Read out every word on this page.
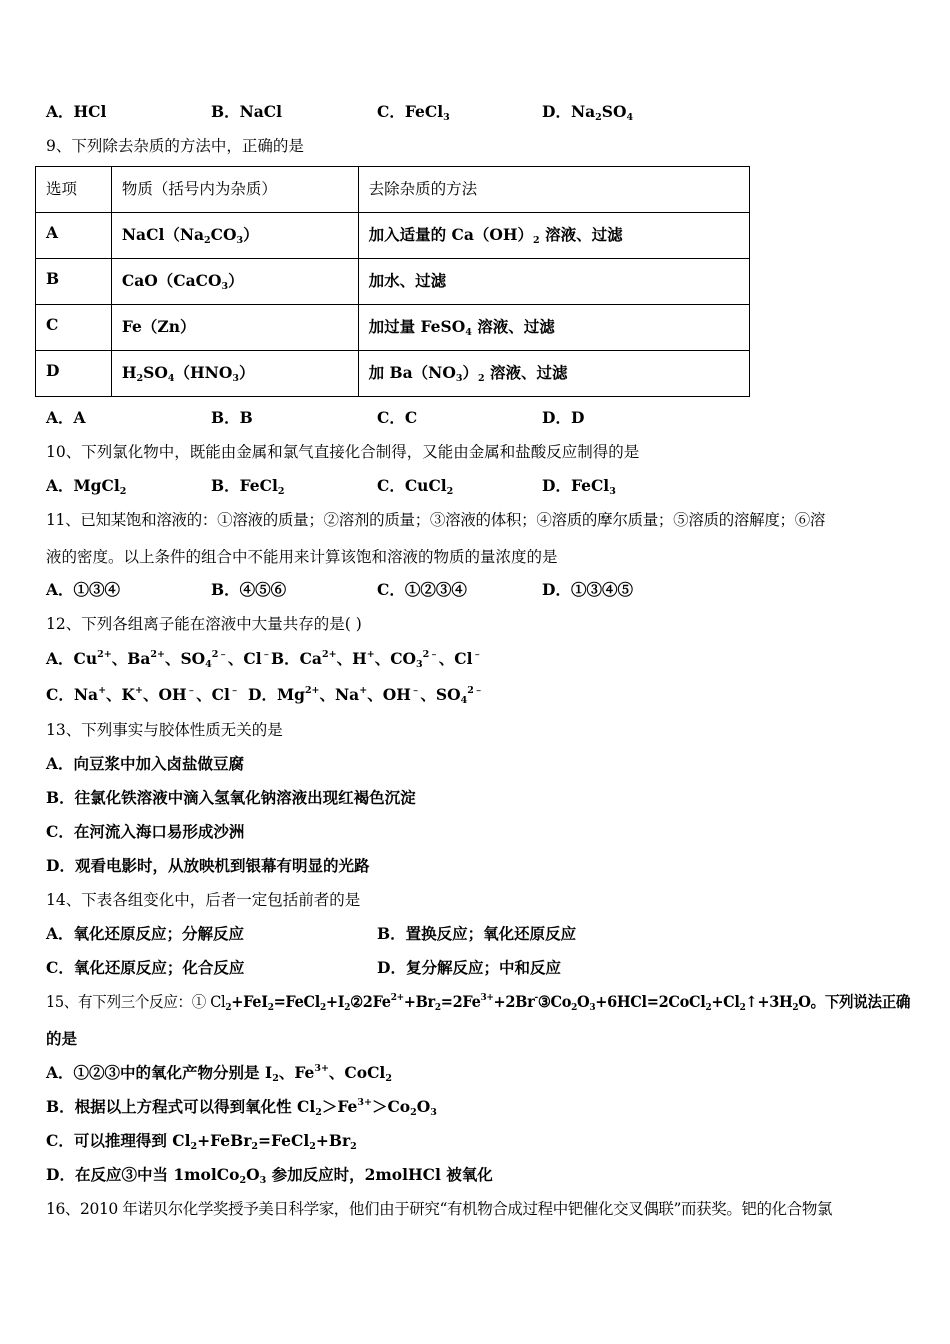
A．HCl	B．NaCl	C．FeCl$_3$	D．$Na_2SO_4$
9、下列除去杂质的方法中，正确的是
选项	物质（括号内为杂质）	去除杂质的方法
A	$NaCl(Na_2CO_3)$	加入适量的 $Ca(OH)_2$ 溶液、过滤
B	CaO（CaCO$_3$）	加水、过滤
C	Fe（Zn）	加过量 FeSO$_4$ 溶液、过滤
D	$H_2SO_4(HNO_3)$	加 $Ba(NO_3)_2$ 溶液、过滤
A．A	B．B	C．C	D．D
10、下列氯化物中，既能由金属和氯气直接化合制得，又能由金属和盐酸反应制得的是
A．MgCl$_2$	B．FeCl$_2$	C．CuCl$_2$	D．FeCl$_3$
11、已知某饱和溶液的：①溶液的质量；②溶剂的质量；③溶液的体积；④溶质的摩尔质量；⑤溶质的溶解度；⑥溶
液的密度。以上条件的组合中不能用来计算该饱和溶液的物质的量浓度的是
A．①③④	B．④⑤⑥	C．①②③④	D．①③④⑤
12、下列各组离子能在溶液中大量共存的是( )
A．$Cu^{2+}$、$Ba^{2+}$、$SO_4^{2﹣}$、Cl﹣ B．$Ca^{2+}$、H+、$CO_3^{2﹣}$、Cl﹣
C．Na+、K+、OH﹣、Cl﹣ D．$Mg^{2+}$、Na+、OH﹣、$SO_4^{2﹣}$
13、下列事实与胶体性质无关的是
A．向豆浆中加入卤盐做豆腐
B．往氯化铁溶液中滴入氢氧化钠溶液出现红褐色沉淀
C．在河流入海口易形成沙洲
D．观看电影时，从放映机到银幕有明显的光路
14、下表各组变化中，后者一定包括前者的是
A．氧化还原反应；分解反应	B．置换反应；氧化还原反应
C．氧化还原反应；化合反应	D．复分解反应；中和反应
15、有下列三个反应：① $Cl_2+FeI_2=FeCl_2+I_2②2Fe^{2+}+Br_2=2Fe^{3+}+2Br^-③Co_2O_3+6HCl=2CoCl_2+Cl_2↑+3H_2O$。下列说法正确
的是
A．①②③中的氧化产物分别是 $I_2$、$Fe^{3+}$、CoCl$_2$
B．根据以上方程式可以得到氧化性 $Cl_2>Fe^{3+}>Co_2O_3$
C．可以推理得到 $Cl_2+FeBr_2=FeCl_2+Br_2$
D．在反应③中当 $1molCo_2O_3$ 参加反应时，2molHCl 被氧化
16、2010 年诺贝尔化学奖授予美日科学家，他们由于研究“有机物合成过程中钯催化交叉偶联”而获奖。钯的化合物氯
